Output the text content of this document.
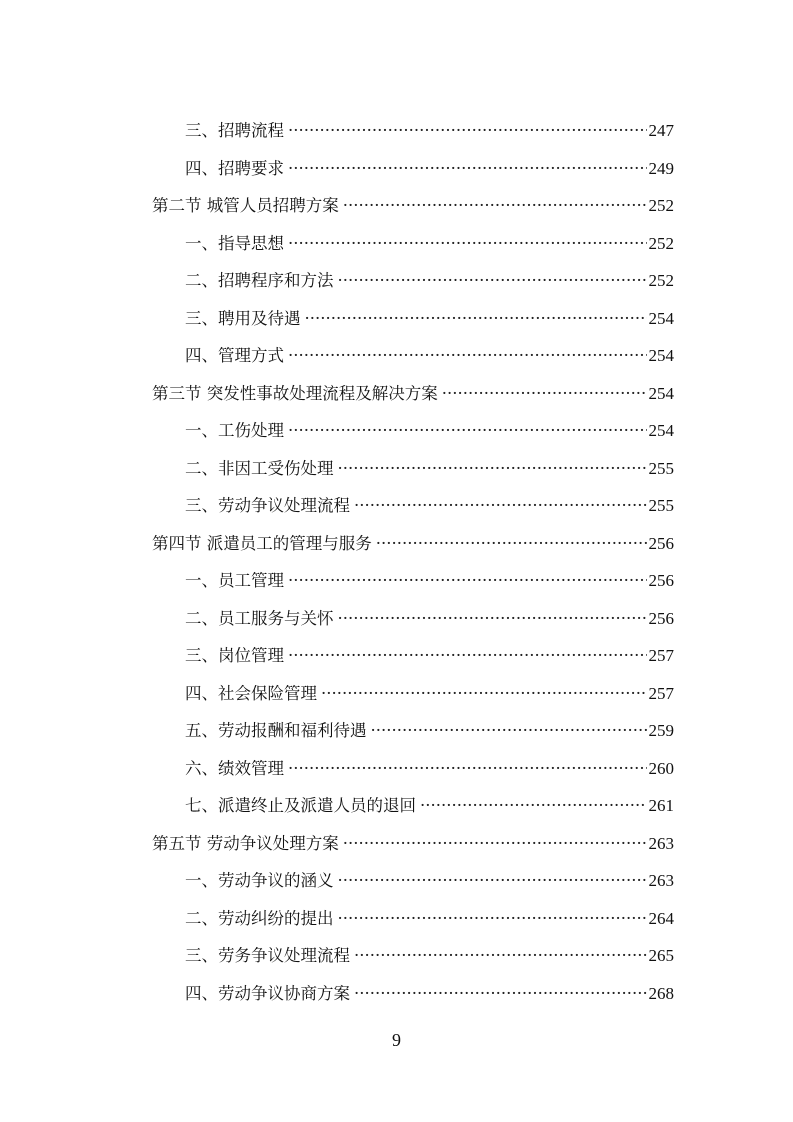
三、招聘流程 ·····	247
四、招聘要求 ·····	249
第二节 城管人员招聘方案 ·····	252
一、指导思想 ·····	252
二、招聘程序和方法 ·····	252
三、聘用及待遇 ·····	254
四、管理方式 ·····	254
第三节 突发性事故处理流程及解决方案 ·····	254
一、工伤处理 ·····	254
二、非因工受伤处理 ·····	255
三、劳动争议处理流程 ·····	255
第四节 派遣员工的管理与服务 ·····	256
一、员工管理 ·····	256
二、员工服务与关怀 ·····	256
三、岗位管理 ·····	257
四、社会保险管理 ·····	257
五、劳动报酬和福利待遇 ·····	259
六、绩效管理 ·····	260
七、派遣终止及派遣人员的退回 ·····	261
第五节 劳动争议处理方案 ·····	263
一、劳动争议的涵义 ·····	263
二、劳动纠纷的提出 ·····	264
三、劳务争议处理流程 ·····	265
四、劳动争议协商方案 ·····	268
9
